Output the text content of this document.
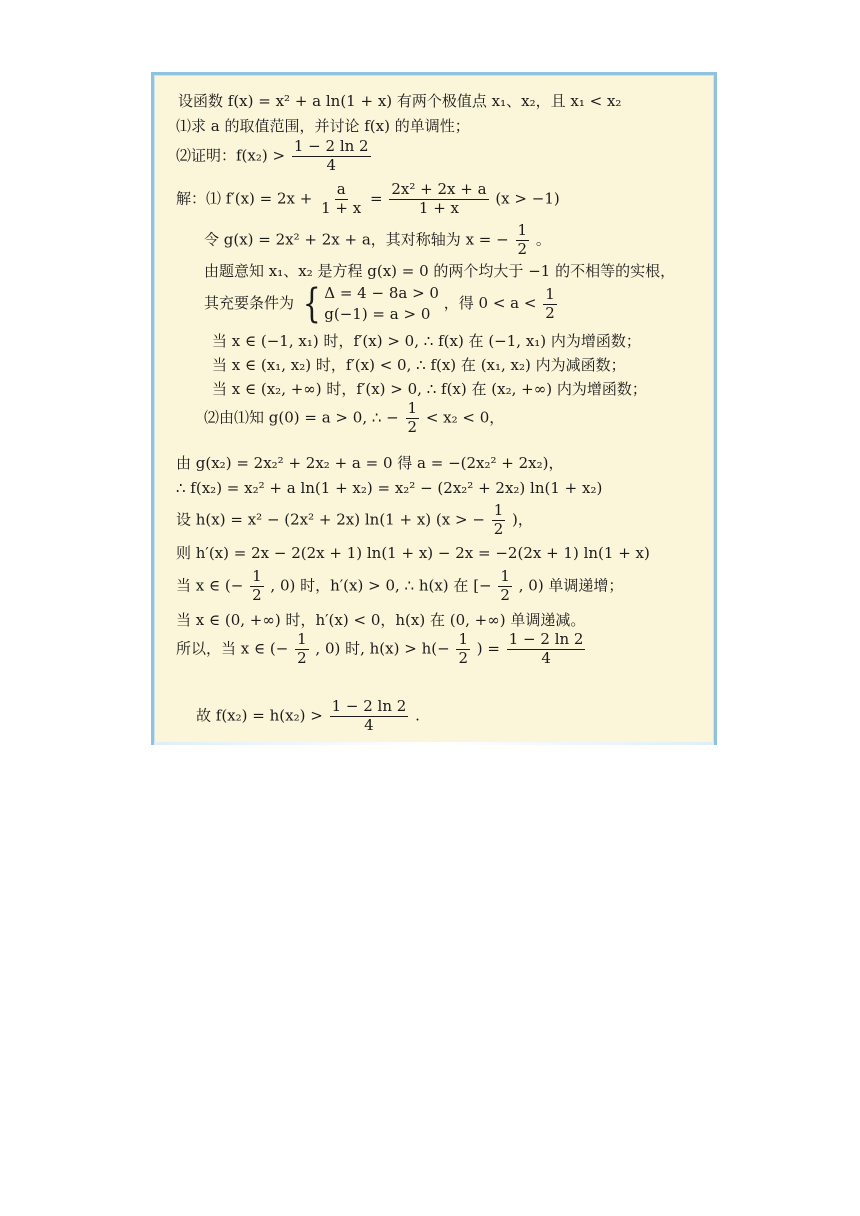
设函数 f(x) = x² + a ln(1 + x) 有两个极值点 x₁、x₂，且 x₁ < x₂
⑴求 a 的取值范围，并讨论 f(x) 的单调性；
⑵证明：$f(x_2) > \frac{1 - 2 \ln 2}{4}$
解：⑴ $f'(x) = 2x + \frac{a}{1 + x} = \frac{\text{2x² + 2x + a}}{1 + x} (x > -1)$
令 g(x) = 2x² + 2x + a，其对称轴为 x = − $\frac{1}{2}$ 。
由题意知 x₁、x₂ 是方程 g(x) = 0 的两个均大于 −1 的不相等的实根，
其充要条件为 { Δ = 4 − 8a > 0
g(−1) = a > 0
，得 $0 < a < \frac{1}{2}$
当 x ∈ (−1, x₁) 时，f′(x) > 0, ∴ f(x) 在 (−1, x₁) 内为增函数；
当 x ∈ (x₁, x₂) 时，f′(x) < 0, ∴ f(x) 在 (x₁, x₂) 内为减函数；
当 x ∈ (x₂, +∞) 时，f′(x) > 0, ∴ f(x) 在 (x₂, +∞) 内为增函数；
⑵由⑴知 g(0) = a > 0, ∴ − $\frac{1}{2} < x_2 < 0$，
由 g(x₂) = 2x₂² + 2x₂ + a = 0 得 a = −(2x₂² + 2x₂)，
∴ f(x₂) = x₂² + a ln(1 + x₂) = x₂² − (2x₂² + 2x₂) ln(1 + x₂)
设 h(x) = x² − (2x² + 2x) ln(1 + x) (x > − $\frac{1}{2}$ )，
则 h′(x) = 2x − 2(2x + 1) ln(1 + x) − 2x = −2(2x + 1) ln(1 + x)
当 x ∈ (− $\frac{1}{2}$ , 0) 时，h′(x) > 0, ∴ h(x) 在 [− $\frac{1}{2}$ , 0) 单调递增；
当 x ∈ (0, +∞) 时，h′(x) < 0，h(x) 在 (0, +∞) 单调递减。
所以，当 x ∈ (− $\frac{1}{2}$ , 0) 时, $h(x) > h(- \frac{1}{2}$ ) = $\frac{1 - 2 \ln 2}{4}$
故 $f(x_2) = h(x_2) > \frac{1 - 2 \ln 2}{4}$ .
